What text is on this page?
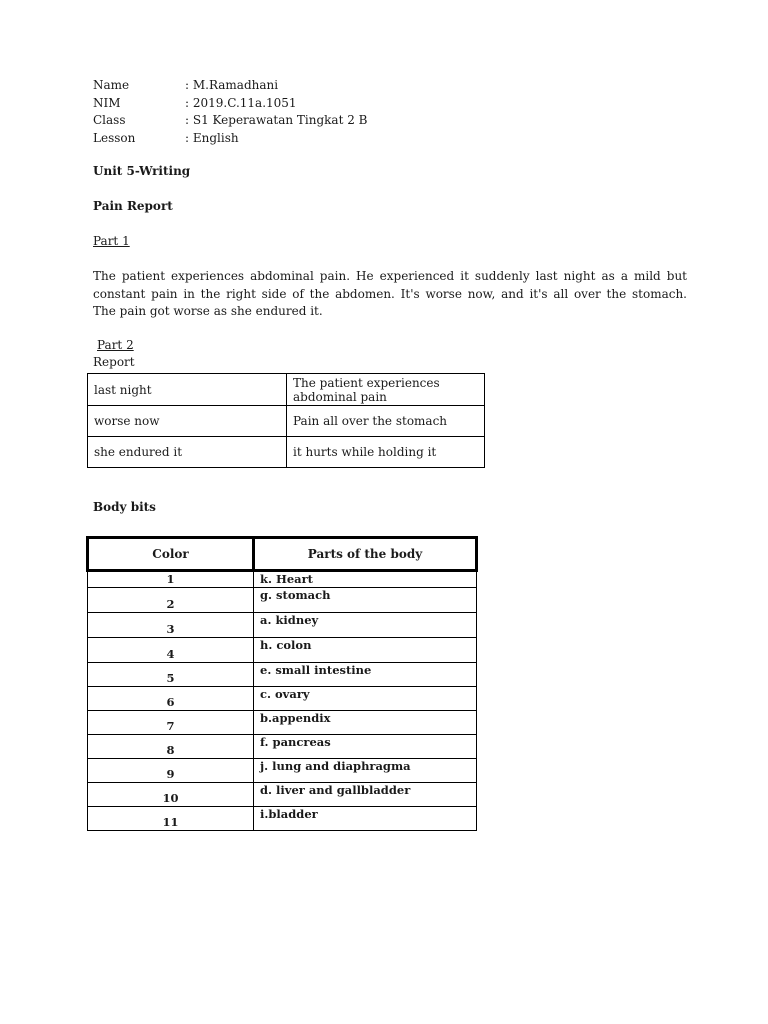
Name	: M.Ramadhani
NIM	: 2019.C.11a.1051
Class	: S1 Keperawatan Tingkat 2 B
Lesson	: English
Unit 5-Writing
Pain Report
Part 1
The patient experiences abdominal pain. He experienced it suddenly last night as a mild but
constant pain in the right side of the abdomen. It's worse now, and it's all over the stomach.
The pain got worse as she endured it.
Part 2
Report
last night	The patient experiences abdominal pain
worse now	Pain all over the stomach
she endured it	it hurts while holding it
Body bits
Color	Parts of the body
1	k. Heart
2	g. stomach
3	a. kidney
4	h. colon
5	e. small intestine
6	c. ovary
7	b.appendix
8	f. pancreas
9	j. lung and diaphragma
10	d. liver and gallbladder
11	i.bladder
